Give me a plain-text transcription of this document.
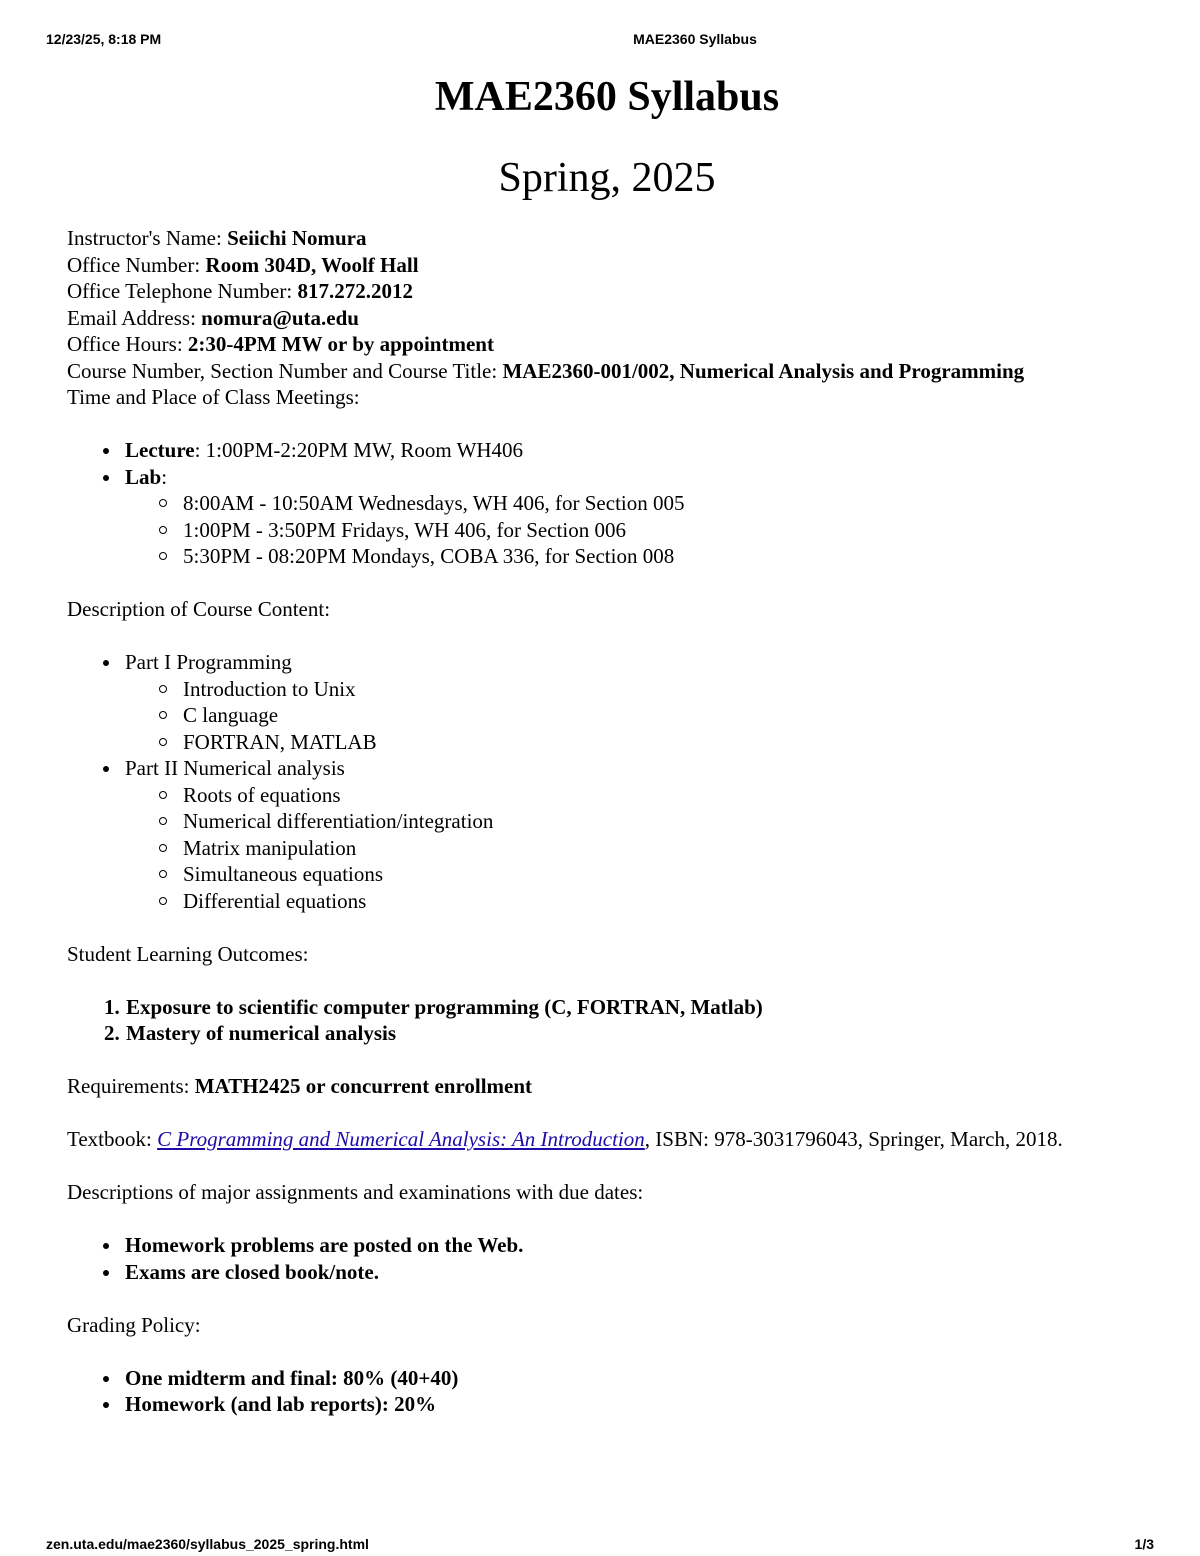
12/23/25, 8:18 PM	MAE2360 Syllabus
MAE2360 Syllabus
Spring, 2025
Instructor's Name: Seiichi Nomura
Office Number: Room 304D, Woolf Hall
Office Telephone Number: 817.272.2012
Email Address: nomura@uta.edu
Office Hours: 2:30-4PM MW or by appointment
Course Number, Section Number and Course Title: MAE2360-001/002, Numerical Analysis and Programming
Time and Place of Class Meetings:
Lecture: 1:00PM-2:20PM MW, Room WH406
Lab:
8:00AM - 10:50AM Wednesdays, WH 406, for Section 005
1:00PM - 3:50PM Fridays, WH 406, for Section 006
5:30PM - 08:20PM Mondays, COBA 336, for Section 008

Description of Course Content:

Part I Programming
Introduction to Unix
C language
FORTRAN, MATLAB
Part II Numerical analysis
Roots of equations
Numerical differentiation/integration
Matrix manipulation
Simultaneous equations
Differential equations

Student Learning Outcomes:

1. Exposure to scientific computer programming (C, FORTRAN, Matlab)
2. Mastery of numerical analysis

Requirements: MATH2425 or concurrent enrollment

Textbook: C Programming and Numerical Analysis: An Introduction, ISBN: 978-3031796043, Springer, March, 2018.

Descriptions of major assignments and examinations with due dates:

Homework problems are posted on the Web.
Exams are closed book/note.

Grading Policy:

One midterm and final: 80% (40+40)
Homework (and lab reports): 20%
zen.uta.edu/mae2360/syllabus_2025_spring.html	1/3
